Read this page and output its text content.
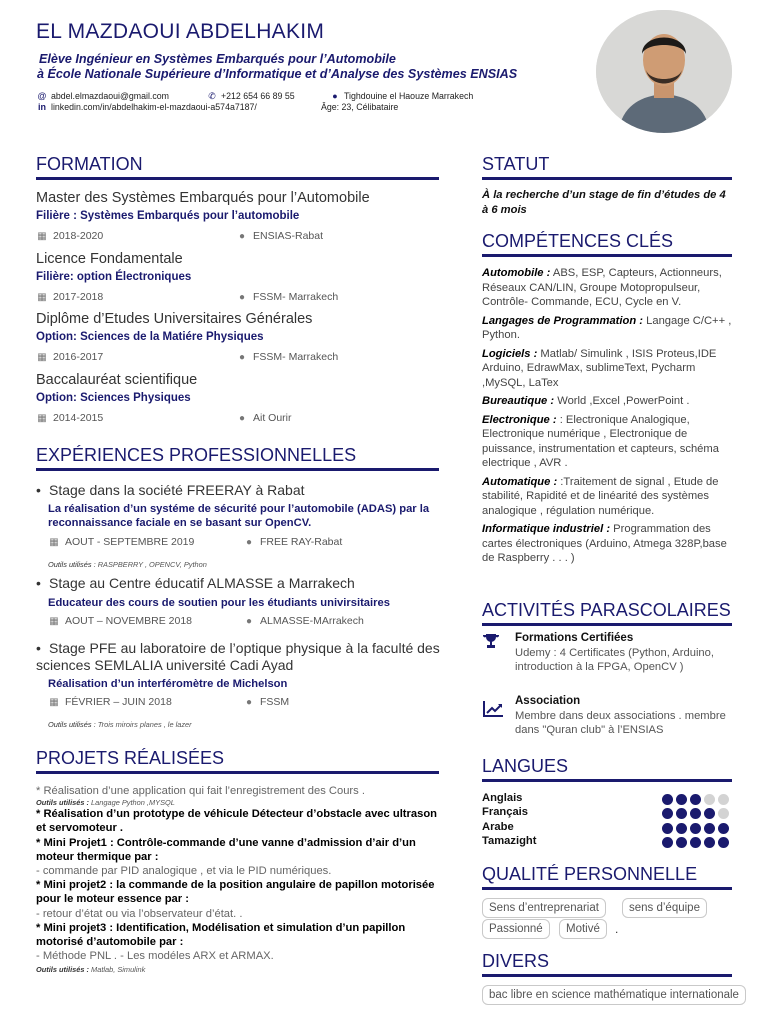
EL MAZDAOUI ABDELHAKIM
Elève Ingénieur en Systèmes Embarqués pour l’Automobile
à École Nationale Supérieure d’Informatique et d’Analyse des Systèmes ENSIAS
@ abdel.elmazdaoui@gmail.com	✆ +212 654 66 89 55	● Tighdouine el Haouze Marrakech
in linkedin.com/in/abdelhakim-el-mazdaoui-a574a7187/	Âge: 23, Célibataire
FORMATION
Master des Systèmes Embarqués pour l’Automobile
Filière : Systèmes Embarqués pour l’automobile
▦ 2018-2020	● ENSIAS-Rabat
Licence Fondamentale
Filière: option Électroniques
▦ 2017-2018	● FSSM- Marrakech
Diplôme d’Etudes Universitaires Générales
Option: Sciences de la Matiére Physiques
▦ 2016-2017	● FSSM- Marrakech
Baccalauréat scientifique
Option: Sciences Physiques
▦ 2014-2015	● Ait Ourir
EXPÉRIENCES PROFESSIONNELLES
• Stage dans la société FREERAY à Rabat
La réalisation d’un systéme de sécurité pour l’automobile (ADAS) par la reconnaissance faciale en se basant sur OpenCV.
▦ AOUT - SEPTEMBRE 2019	● FREE RAY-Rabat
Outils utilisés : RASPBERRY , OPENCV, Python
• Stage au Centre éducatif ALMASSE a Marrakech
Educateur des cours de soutien pour les étudiants univirsitaires
▦ AOUT – NOVEMBRE 2018	● ALMASSE-MArrakech
• Stage PFE au laboratoire de l’optique physique à la faculté des sciences SEMLALIA université Cadi Ayad
Réalisation d’un interféromètre de Michelson
▦ FÉVRIER – JUIN 2018	● FSSM
Outils utilisés : Trois miroirs planes , le lazer
PROJETS RÉALISÉES
* Réalisation d’une application qui fait l’enregistrement des Cours .
Outils utilisés : Langage Python ,MYSQL
* Réalisation d’un prototype de véhicule Détecteur d’obstacle avec ultrason et servomoteur .
* Mini Projet1 : Contrôle-commande d’une vanne d’admission d’air d’un moteur thermique par :
- commande par PID analogique , et via le PID numériques.
* Mini projet2 : la commande de la position angulaire de papillon motorisée pour le moteur essence par :
- retour d’état ou via l’observateur d’état. .
* Mini projet3 : Identification, Modélisation et simulation d’un papillon motorisé d’automobile par :
- Méthode PNL . - Les modéles ARX et ARMAX.
Outils utilisés : Matlab, Simulink
STATUT
À la recherche d’un stage de fin d’études de 4 à 6 mois
COMPÉTENCES CLÉS
Automobile : ABS, ESP, Capteurs, Actionneurs, Réseaux CAN/LIN, Groupe Motopropulseur, Contrôle- Commande, ECU, Cycle en V.
Langages de Programmation : Langage C/C++ , Python.
Logiciels : Matlab/ Simulink , ISIS Proteus,IDE Arduino, EdrawMax, sublimeText, Pycharm ,MySQL, LaTex
Bureautique : World ,Excel ,PowerPoint .
Electronique : : Electronique Analogique, Electronique numérique , Electronique de puissance, instrumentation et capteurs, schéma electrique , AVR .
Automatique : :Traitement de signal , Etude de stabilité, Rapidité et de linéarité des systèmes analogique , régulation numérique.
Informatique industriel : Programmation des cartes électroniques (Arduino, Atmega 328P,base de Raspberry . . . )
ACTIVITÉS PARASCOLAIRES
Formations Certifiées
Udemy : 4 Certificates (Python, Arduino, introduction à la FPGA, OpenCV )
Association
Membre dans deux associations . membre dans "Quran club" à l’ENSIAS
LANGUES
Anglais
Français
Arabe
Tamazight
QUALITÉ PERSONNELLE
Sens d’entreprenariat	sens d’équipe
Passionné	Motivé	.
DIVERS
bac libre en science mathématique internationale
